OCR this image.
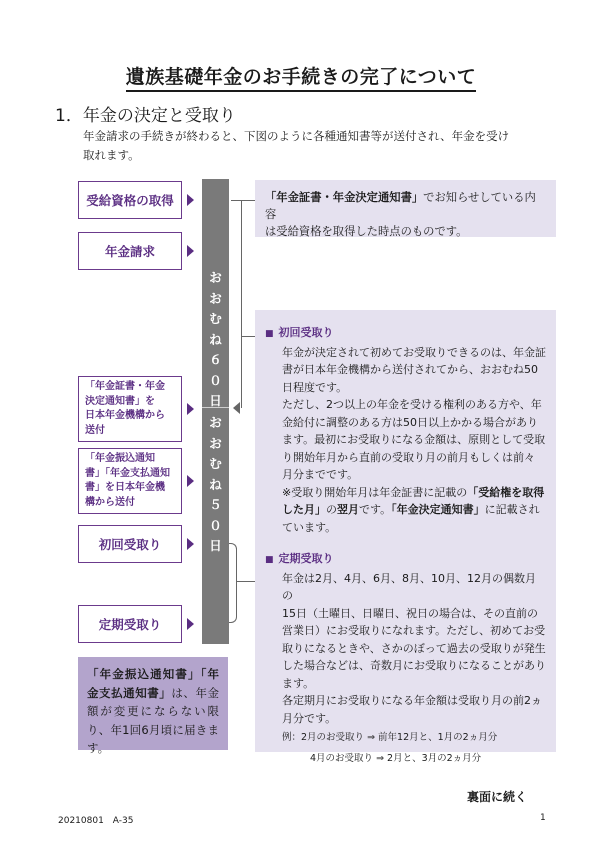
遺族基礎年金のお手続きの完了について
1．年金の決定と受取り
年金請求の手続きが終わると、下図のように各種通知書等が送付され、年金を受け
取れます。
受給資格の取得
年金請求
「年金証書・年金
決定通知書」を
日本年金機構から
送付
「年金振込通知
書」「年金支払通知
書」を日本年金機
構から送付
初回受取り
定期受取り
お
お
む
ね
６
０
日
お
お
む
ね
５
０
日
「年金証書・年金決定通知書」でお知らせしている内容
は受給資格を取得した時点のものです。
■ 初回受取り
年金が決定されて初めてお受取りできるのは、年金証
書が日本年金機構から送付されてから、おおむね50
日程度です。
ただし、2つ以上の年金を受ける権利のある方や、年
金給付に調整のある方は50日以上かかる場合があり
ます。最初にお受取りになる金額は、原則として受取
り開始年月から直前の受取り月の前月もしくは前々
月分までです。
※受取り開始年月は年金証書に記載の「受給権を取得
した月」の翌月です。「年金決定通知書」に記載され
ています。
■ 定期受取り
年金は2月、4月、6月、8月、10月、12月の偶数月の
15日（土曜日、日曜日、祝日の場合は、その直前の
営業日）にお受取りになれます。ただし、初めてお受
取りになるときや、さかのぼって過去の受取りが発生
した場合などは、奇数月にお受取りになることがあり
ます。
各定期月にお受取りになる年金額は受取り月の前2ヵ
月分です。
例：2月のお受取り ⇒ 前年12月と、1月の2ヵ月分
4月のお受取り ⇒ 2月と、3月の2ヵ月分
「年金振込通知書」「年金支払通知書」は、年金額が変更にならない限り、年1回6月頃に届きます。
裏面に続く
20210801　A-35	1
